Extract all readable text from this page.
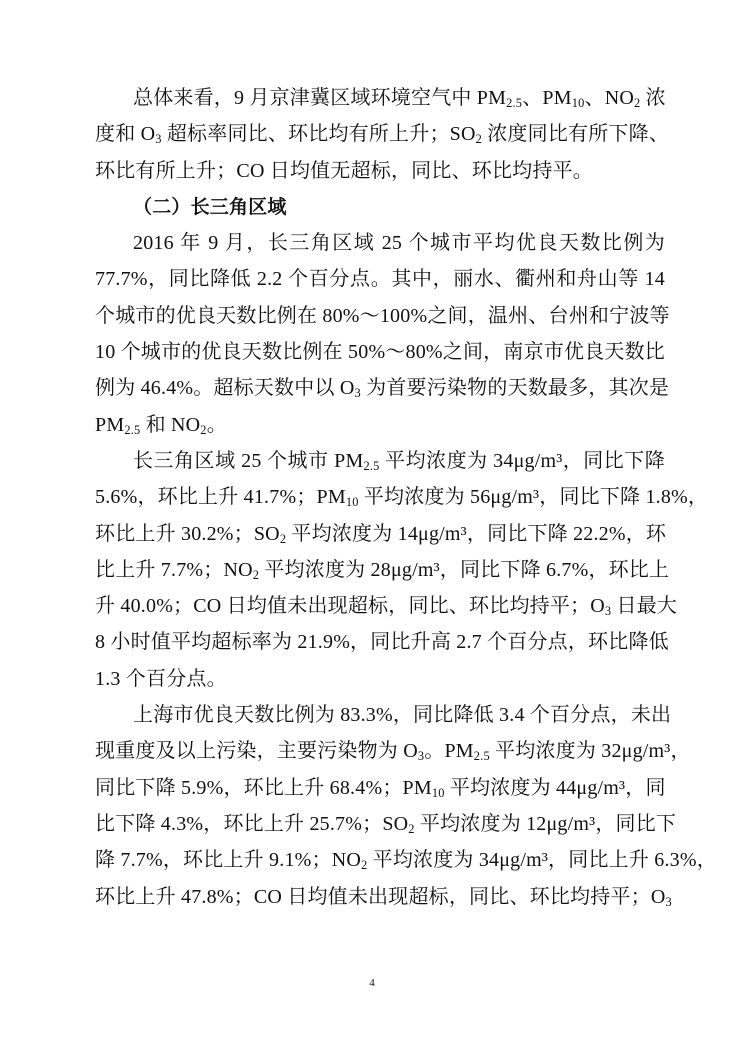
总体来看，9 月京津冀区域环境空气中 $PM_{2.5}$、$PM_{10}$、$NO_2$ 浓
度和 $O_3$ 超标率同比、环比均有所上升；$SO_2$ 浓度同比有所下降、
环比有所上升；CO 日均值无超标，同比、环比均持平。
（二）长三角区域
2016 年 9 月，长三角区域 25 个城市平均优良天数比例为
77.7%，同比降低 2.2 个百分点。其中，丽水、衢州和舟山等 14
个城市的优良天数比例在 80%～100%之间，温州、台州和宁波等
10 个城市的优良天数比例在 50%～80%之间，南京市优良天数比
例为 46.4%。超标天数中以 $O_3$ 为首要污染物的天数最多，其次是
$PM_{2.5}$ 和 $NO_2$。
长三角区域 25 个城市 $PM_{2.5}$ 平均浓度为 34μg/m³，同比下降
5.6%，环比上升 41.7%；$PM_{10}$ 平均浓度为 56μg/m³，同比下降 1.8%，
环比上升 30.2%；$SO_2$ 平均浓度为 14μg/m³，同比下降 22.2%，环
比上升 7.7%；$NO_2$ 平均浓度为 28μg/m³，同比下降 6.7%，环比上
升 40.0%；CO 日均值未出现超标，同比、环比均持平；$O_3$ 日最大
8 小时值平均超标率为 21.9%，同比升高 2.7 个百分点，环比降低
1.3 个百分点。
上海市优良天数比例为 83.3%，同比降低 3.4 个百分点，未出
现重度及以上污染，主要污染物为 $O_3$。$PM_{2.5}$ 平均浓度为 32μg/m³，
同比下降 5.9%，环比上升 68.4%；$PM_{10}$ 平均浓度为 44μg/m³，同
比下降 4.3%，环比上升 25.7%；$SO_2$ 平均浓度为 12μg/m³，同比下
降 7.7%，环比上升 9.1%；$NO_2$ 平均浓度为 34μg/m³，同比上升 6.3%，
环比上升 47.8%；CO 日均值未出现超标，同比、环比均持平；$O_3$
4
